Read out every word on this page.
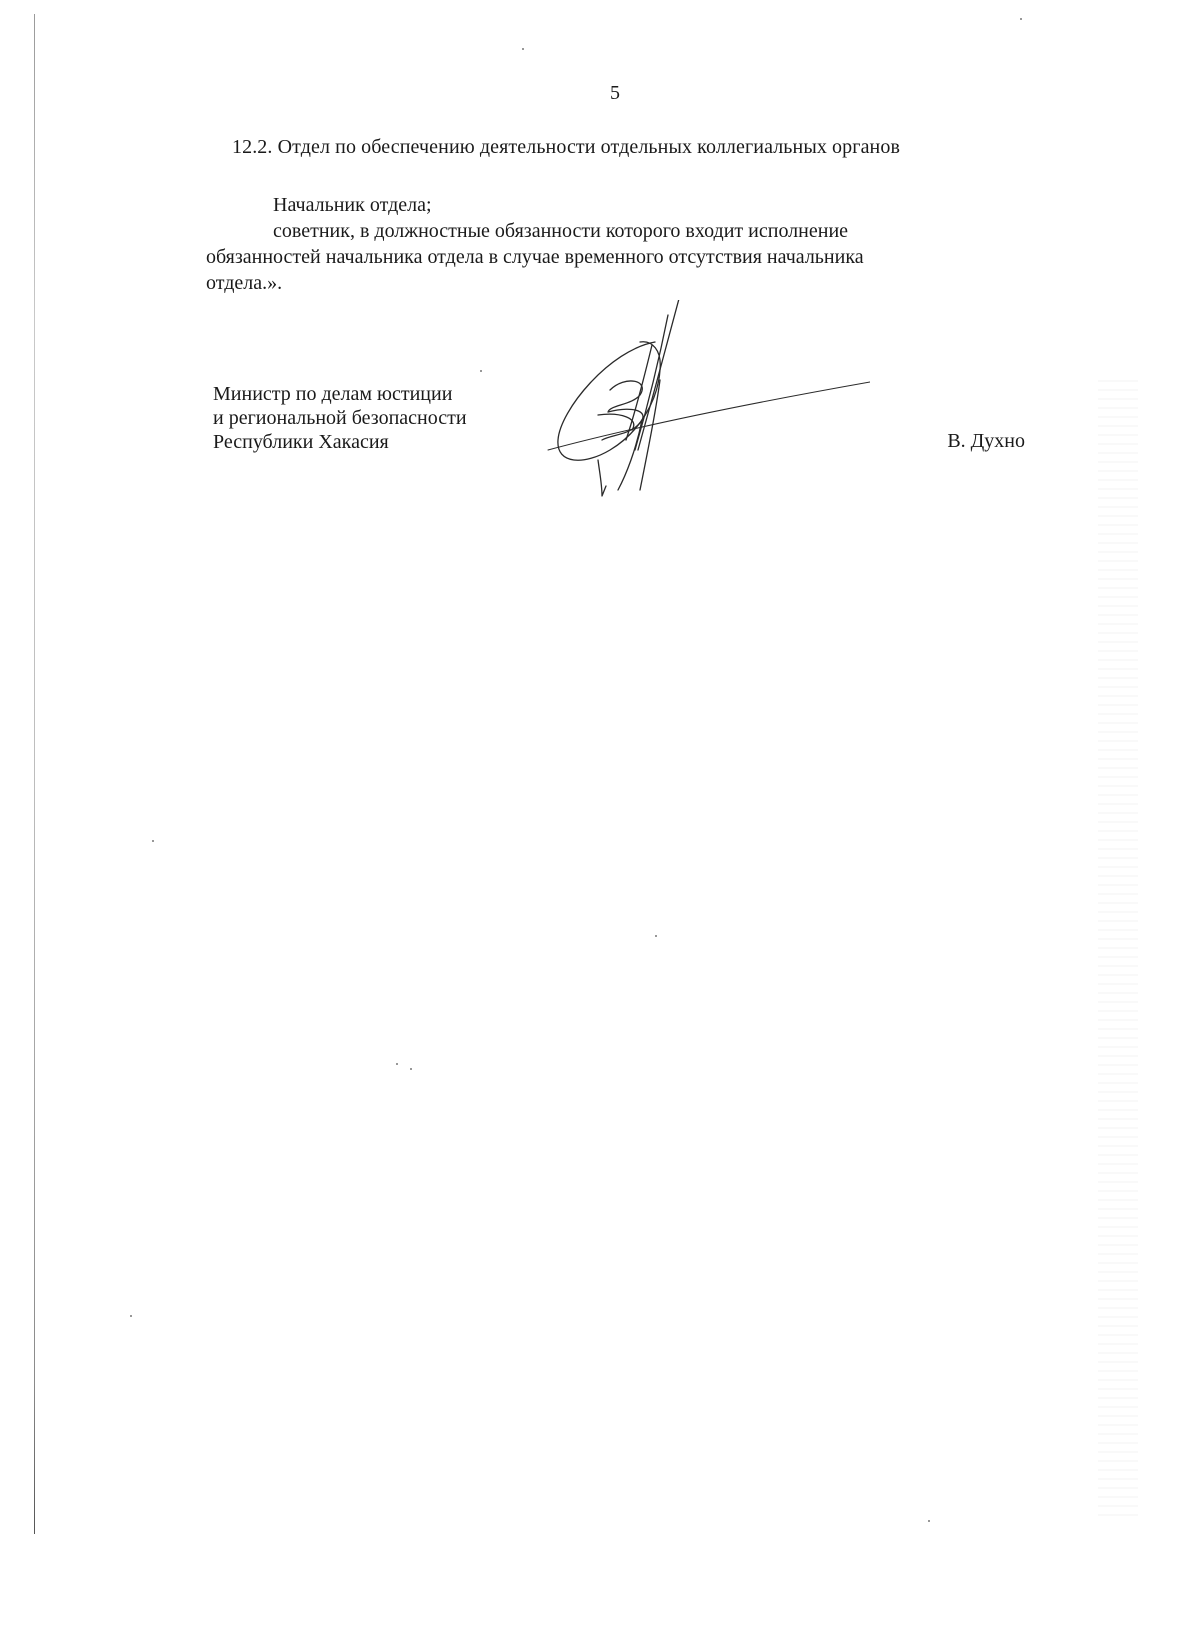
5
12.2. Отдел по обеспечению деятельности отдельных коллегиальных органов
Начальник отдела;
советник, в должностные обязанности которого входит исполнение
обязанностей начальника отдела в случае временного отсутствия начальника
отдела.».
Министр по делам юстиции
и региональной безопасности
Республики Хакасия	В. Духно
